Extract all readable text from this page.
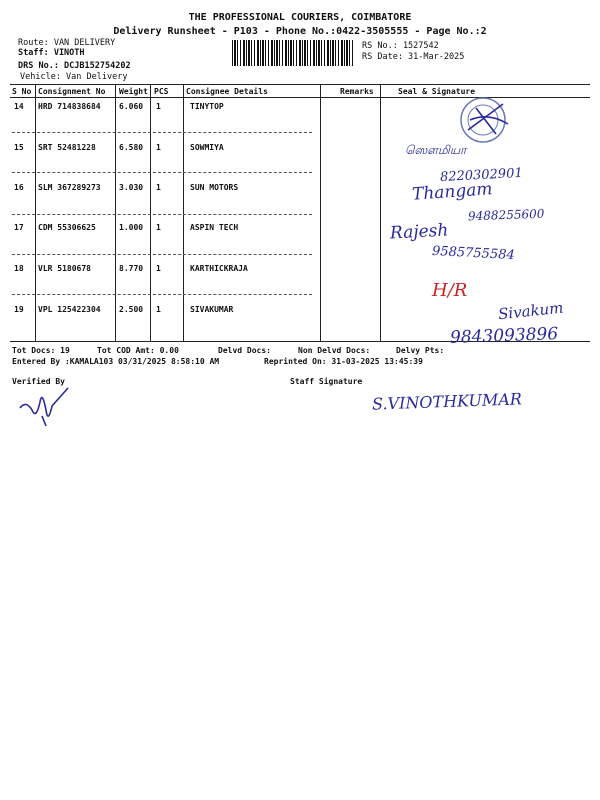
THE PROFESSIONAL COURIERS, COIMBATORE
Delivery Runsheet - P103 - Phone No.:0422-3505555 - Page No.:2
Route: VAN DELIVERY
Staff: VINOTH
DRS No.: DCJB152754202
Vehicle: Van Delivery
RS No.: 1527542
RS Date: 31-Mar-2025
S No Consignment No Weight PCS Consignee Details	Remarks	Seal & Signature
14 HRD 714838684 6.060 1	TINYTOP
15 SRT 52481228	6.580 1	SOWMIYA
16 SLM 367289273 3.030 1	SUN MOTORS
17 CDM 55306625	1.000 1	ASPIN TECH
18 VLR 5180678	8.770 1	KARTHICKRAJA
19 VPL 125422304 2.500 1	SIVAKUMAR
ஸௌமியா
8220302901
Thangam
9488255600
Rajesh
9585755584
H/R
Sivakum
9843093896
Tot Docs: 19	Tot COD Amt: 0.00	Delvd Docs:	Non Delvd Docs:	Delvy Pts:
Entered By :KAMALA103 03/31/2025 8:58:10 AM	Reprinted On: 31-03-2025 13:45:39
Verified By	Staff Signature
S.VINOTHKUMAR
